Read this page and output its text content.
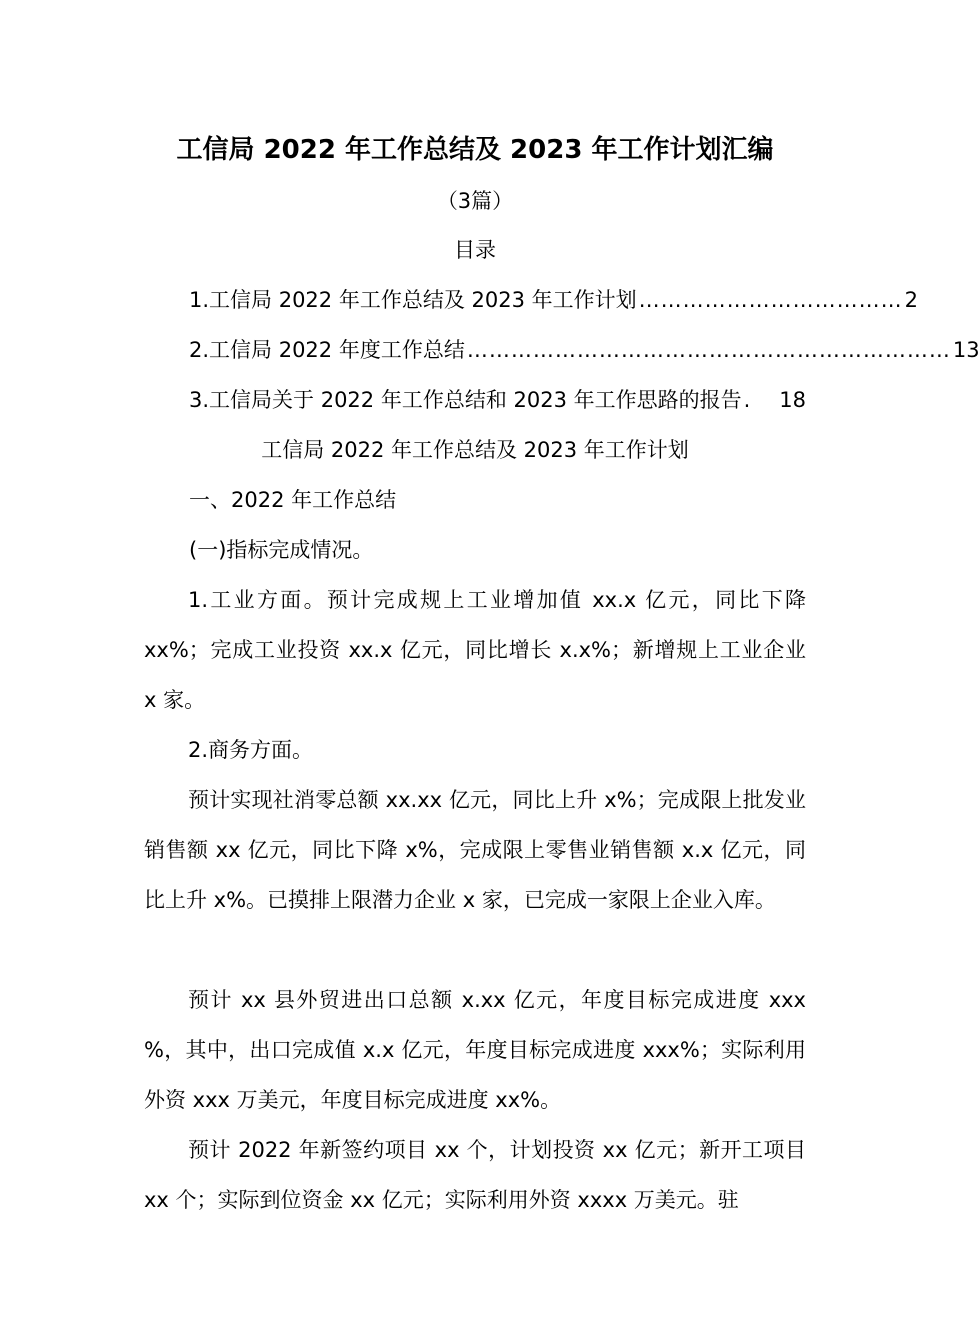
工信局 2022 年工作总结及 2023 年工作计划汇编
（3篇）
目录
1.工信局 2022 年工作总结及 2023 年工作计划 ……………………………… 2
2.工信局 2022 年度工作总结 ………………………………………………………… 13
3.工信局关于 2022 年工作总结和 2023 年工作思路的报告 . 18
工信局 2022 年工作总结及 2023 年工作计划
一、2022 年工作总结
(一)指标完成情况。

1.工业方面。预计完成规上工业增加值 xx.x 亿元，同比下降 xx%；完成工业投资 xx.x 亿元，同比增长 x.x%；新增规上工业企业 x 家。

2.商务方面。

预计实现社消零总额 xx.xx 亿元，同比上升 x%；完成限上批发业销售额 xx 亿元，同比下降 x%，完成限上零售业销售额 x.x 亿元，同比上升 x%。已摸排上限潜力企业 x 家，已完成一家限上企业入库。

预计 xx 县外贸进出口总额 x.xx 亿元，年度目标完成进度 xxx %，其中，出口完成值 x.x 亿元，年度目标完成进度 xxx%；实际利用外资 xxx 万美元，年度目标完成进度 xx%。

预计 2022 年新签约项目 xx 个，计划投资 xx 亿元；新开工项目 xx 个；实际到位资金 xx 亿元；实际利用外资 xxxx 万美元。驻
